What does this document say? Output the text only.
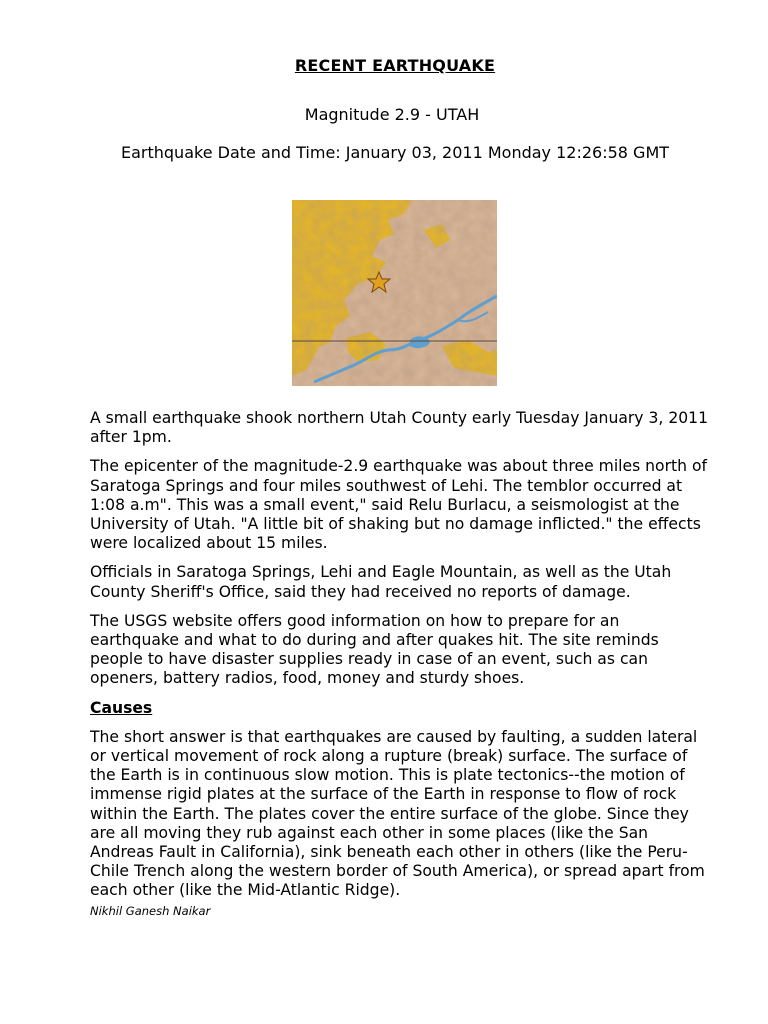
RECENT EARTHQUAKE
Magnitude 2.9 - UTAH
Earthquake Date and Time: January 03, 2011 Monday 12:26:58 GMT

A small earthquake shook northern Utah County early Tuesday January 3, 2011 after 1pm.

The epicenter of the magnitude-2.9 earthquake was about three miles north of Saratoga Springs and four miles southwest of Lehi. The temblor occurred at 1:08 a.m". This was a small event," said Relu Burlacu, a seismologist at the University of Utah. "A little bit of shaking but no damage inflicted." the effects were localized about 15 miles.

Officials in Saratoga Springs, Lehi and Eagle Mountain, as well as the Utah County Sheriff's Office, said they had received no reports of damage.

The USGS website offers good information on how to prepare for an earthquake and what to do during and after quakes hit. The site reminds people to have disaster supplies ready in case of an event, such as can openers, battery radios, food, money and sturdy shoes.

Causes

The short answer is that earthquakes are caused by faulting, a sudden lateral or vertical movement of rock along a rupture (break) surface. The surface of the Earth is in continuous slow motion. This is plate tectonics--the motion of immense rigid plates at the surface of the Earth in response to flow of rock within the Earth. The plates cover the entire surface of the globe. Since they are all moving they rub against each other in some places (like the San Andreas Fault in California), sink beneath each other in others (like the Peru-Chile Trench along the western border of South America), or spread apart from each other (like the Mid-Atlantic Ridge).

Nikhil Ganesh Naikar
